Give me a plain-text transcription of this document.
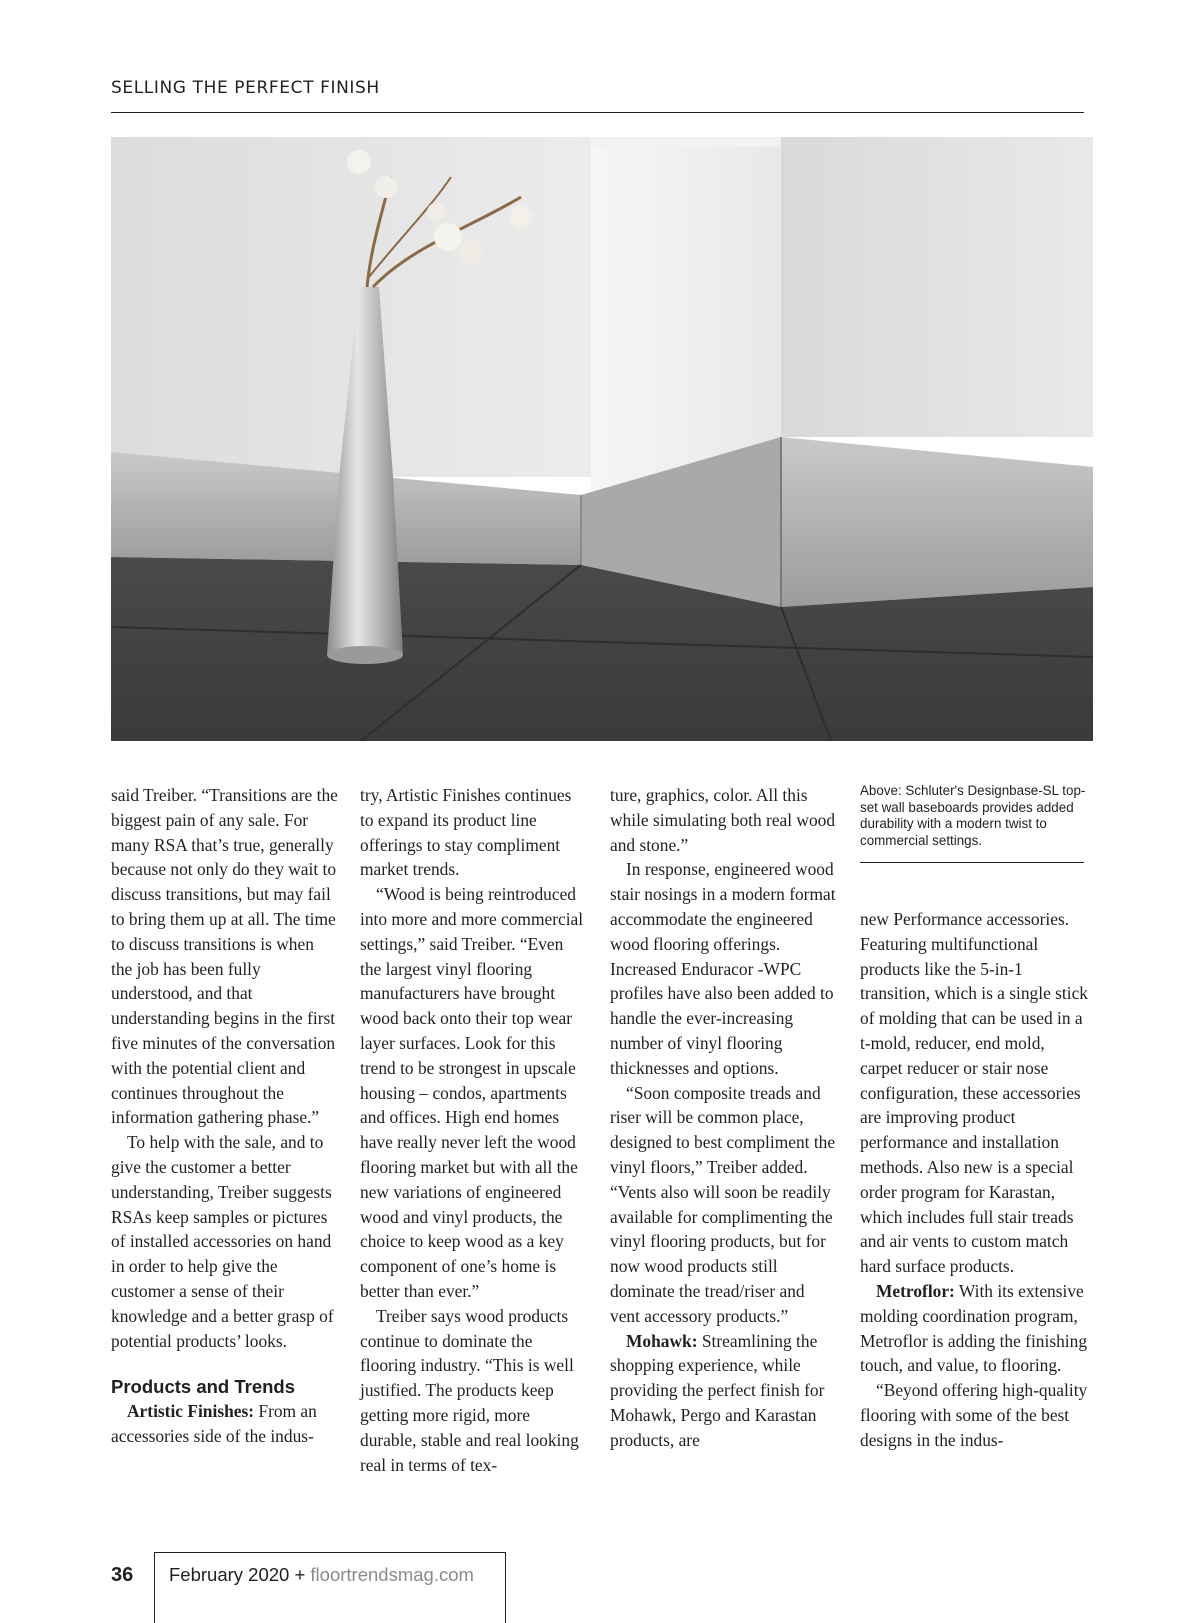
SELLING THE PERFECT FINISH

said Treiber. “Transitions are the biggest pain of any sale. For many RSA that’s true, generally because not only do they wait to discuss transitions, but may fail to bring them up at all. The time to discuss transitions is when the job has been fully understood, and that understanding begins in the first five minutes of the conversation with the potential client and continues throughout the information gathering phase.”

To help with the sale, and to give the customer a better understanding, Treiber suggests RSAs keep samples or pictures of installed accessories on hand in order to help give the customer a sense of their knowledge and a better grasp of potential products’ looks.

Products and Trends

Artistic Finishes: From an accessories side of the indus-

try, Artistic Finishes continues to expand its product line offerings to stay compliment market trends.

“Wood is being reintroduced into more and more commercial settings,” said Treiber. “Even the largest vinyl flooring manufacturers have brought wood back onto their top wear layer surfaces. Look for this trend to be strongest in upscale housing – condos, apartments and offices. High end homes have really never left the wood flooring market but with all the new variations of engineered wood and vinyl products, the choice to keep wood as a key component of one’s home is better than ever.”

Treiber says wood products continue to dominate the flooring industry. “This is well justified. The products keep getting more rigid, more durable, stable and real looking real in terms of tex-

ture, graphics, color. All this while simulating both real wood and stone.”

In response, engineered wood stair nosings in a modern format accommodate the engineered wood flooring offerings. Increased Enduracor -WPC profiles have also been added to handle the ever-increasing number of vinyl flooring thicknesses and options.

“Soon composite treads and riser will be common place, designed to best compliment the vinyl floors,” Treiber added. “Vents also will soon be readily available for complimenting the vinyl flooring products, but for now wood products still dominate the tread/riser and vent accessory products.”

Mohawk: Streamlining the shopping experience, while providing the perfect finish for Mohawk, Pergo and Karastan products, are

Above: Schluter's Designbase-SL top-set wall baseboards provides added durability with a modern twist to commercial settings.

new Performance accessories. Featuring multifunctional products like the 5-in-1 transition, which is a single stick of molding that can be used in a t-mold, reducer, end mold, carpet reducer or stair nose configuration, these accessories are improving product performance and installation methods. Also new is a special order program for Karastan, which includes full stair treads and air vents to custom match hard surface products.

Metroflor: With its extensive molding coordination program, Metroflor is adding the finishing touch, and value, to flooring.

“Beyond offering high-quality flooring with some of the best designs in the indus-

36 February 2020 + floortrendsmag.com
